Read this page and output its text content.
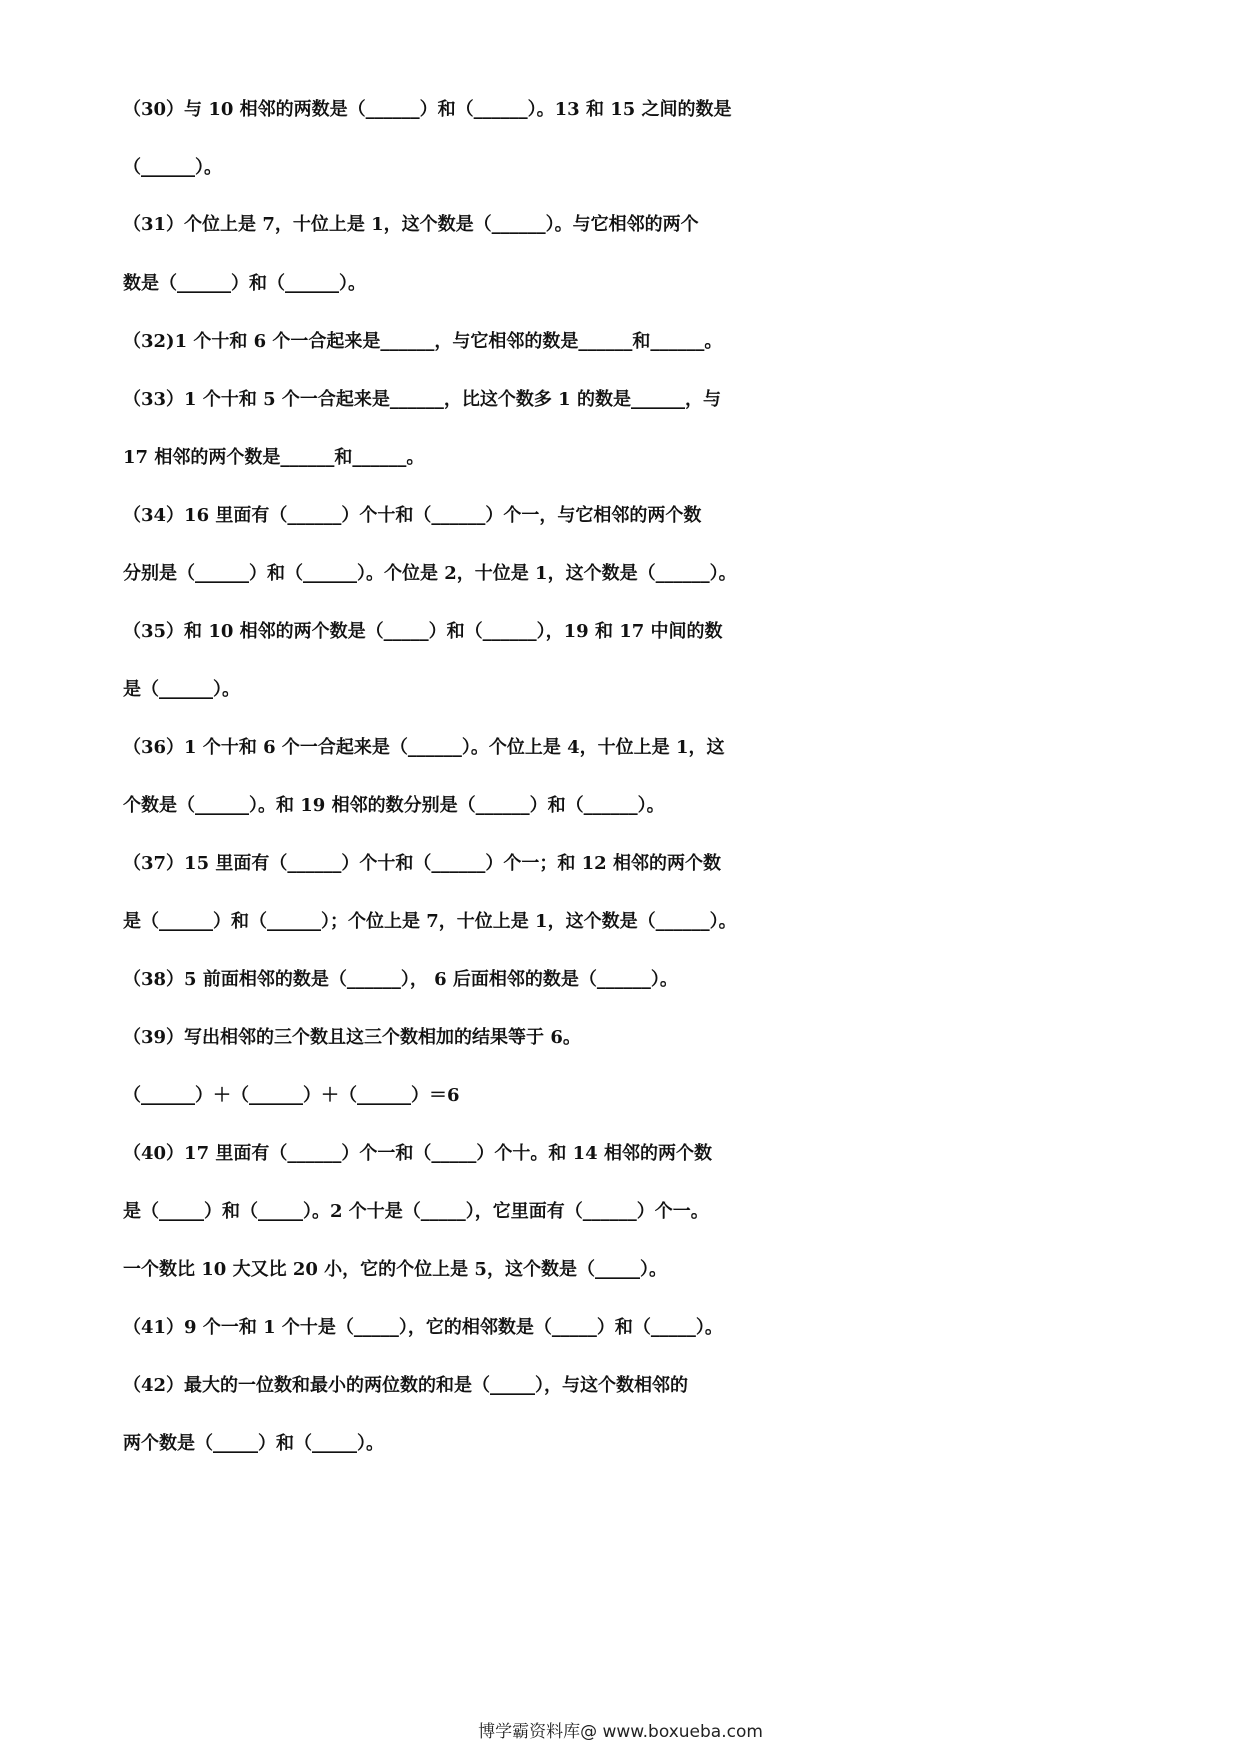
（30）与 10 相邻的两数是（______）和（______）。13 和 15 之间的数是

（______）。

（31）个位上是 7，十位上是 1，这个数是（______）。与它相邻的两个

数是（______）和（______）。

（32)1 个十和 6 个一合起来是______，与它相邻的数是______和______。

（33）1 个十和 5 个一合起来是______，比这个数多 1 的数是______，与

17 相邻的两个数是______和______。

（34）16 里面有（______）个十和（______）个一，与它相邻的两个数

分别是（______）和（______）。个位是 2，十位是 1，这个数是（______）。

（35）和 10 相邻的两个数是（_____）和（______），19 和 17 中间的数

是（______）。

（36）1 个十和 6 个一合起来是（______）。个位上是 4，十位上是 1，这

个数是（______）。和 19 相邻的数分别是（______）和（______）。

（37）15 里面有（______）个十和（______）个一；和 12 相邻的两个数

是（______）和（______）；个位上是 7，十位上是 1，这个数是（______）。

（38）5 前面相邻的数是（______）， 6 后面相邻的数是（______）。

（39）写出相邻的三个数且这三个数相加的结果等于 6。

（______）＋（______）＋（______）＝6

（40）17 里面有（______）个一和（_____）个十。和 14 相邻的两个数

是（_____）和（_____）。2 个十是（_____），它里面有（______）个一。

一个数比 10 大又比 20 小，它的个位上是 5，这个数是（_____）。

（41）9 个一和 1 个十是（_____），它的相邻数是（_____）和（_____）。

（42）最大的一位数和最小的两位数的和是（_____），与这个数相邻的

两个数是（_____）和（_____）。

博学霸资料库@ www.boxueba.com
